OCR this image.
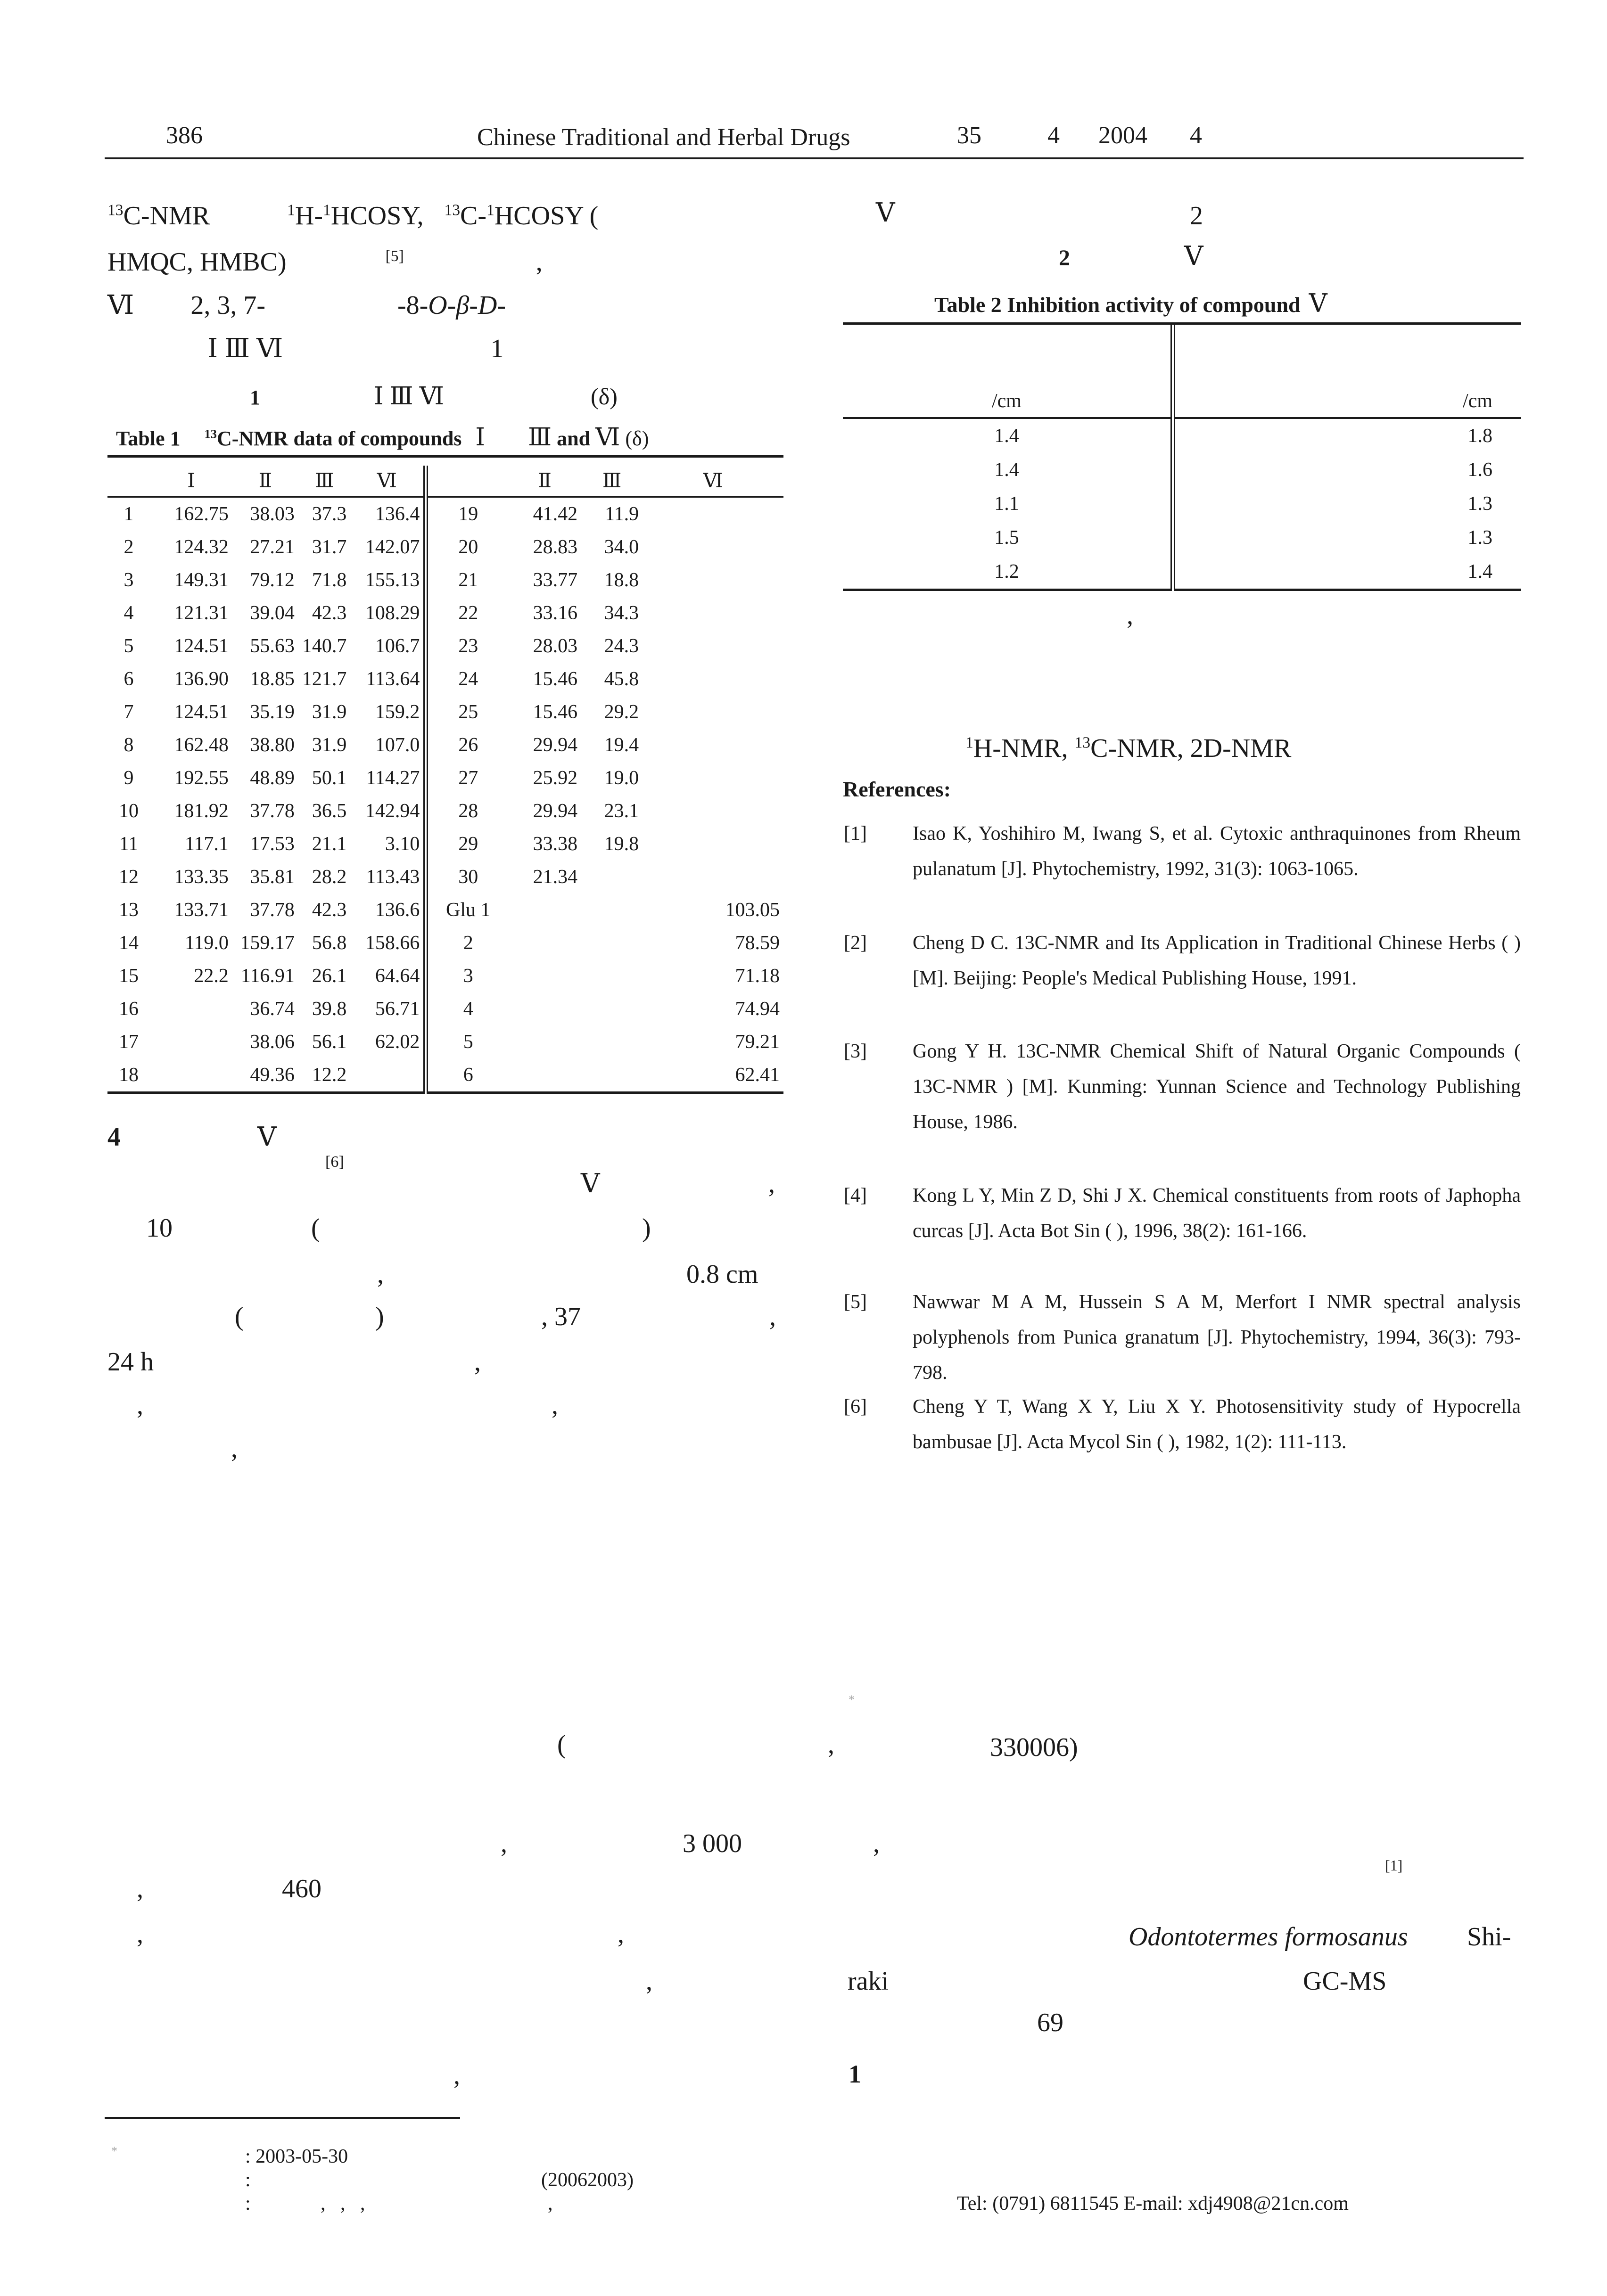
386	Chinese Traditional and Herbal Drugs	35	4 2004 4
$^{13}$C-NMR	$^1$H-$^1$HCOSY, $^{13}$C-$^1$HCOSY (
HMQC, HMBC)	[5]	,
Ⅵ 2, 3, 7-	-8-O-β-D-
Ⅰ Ⅲ Ⅵ	1
1	Ⅰ Ⅲ Ⅵ	(δ)
Table 1 $^{13}$C-NMR data of compounds Ⅰ Ⅲ and Ⅵ (δ)
	Ⅰ	Ⅱ	Ⅲ	Ⅵ		Ⅱ	Ⅲ	Ⅵ
1	162.75	38.03	37.3	136.4	19	41.42	11.9	
2	124.32	27.21	31.7	142.07	20	28.83	34.0	
3	149.31	79.12	71.8	155.13	21	33.77	18.8	
4	121.31	39.04	42.3	108.29	22	33.16	34.3	
5	124.51	55.63	140.7	106.7	23	28.03	24.3	
6	136.90	18.85	121.7	113.64	24	15.46	45.8	
7	124.51	35.19	31.9	159.2	25	15.46	29.2	
8	162.48	38.80	31.9	107.0	26	29.94	19.4	
9	192.55	48.89	50.1	114.27	27	25.92	19.0	
10	181.92	37.78	36.5	142.94	28	29.94	23.1	
11	117.1	17.53	21.1	3.10	29	33.38	19.8	
12	133.35	35.81	28.2	113.43	30	21.34		
13	133.71	37.78	42.3	136.6	Glu 1			103.05
14	119.0	159.17	56.8	158.66	2			78.59
15	22.2	116.91	26.1	64.64	3			71.18
16		36.74	39.8	56.71	4			74.94
17		38.06	56.1	62.02	5			79.21
18		49.36	12.2		6			62.41
4	Ⅴ
[6]
Ⅴ	,
10	(	)
,	0.8 cm
(	)	, 37	,
24 h	,
,	,
,
Ⅴ	2
2	Ⅴ
Table 2 Inhibition activity of compound Ⅴ
/cm	/cm
1.4	1.8
1.4	1.6
1.1	1.3
1.5	1.3
1.2	1.4
,
$^1$H-NMR, $^{13}$C-NMR, 2D-NMR
References:
[1] Isao K, Yoshihiro M, Iwang S, et al. Cytoxic anthraquinones from Rheum pulanatum [J]. Phytochemistry, 1992, 31(3): 1063-1065.
[2] Cheng D C. 13C-NMR and Its Application in Traditional Chinese Herbs ( ) [M]. Beijing: People's Medical Publishing House, 1991.
[3] Gong Y H. 13C-NMR Chemical Shift of Natural Organic Compounds ( 13C-NMR ) [M]. Kunming: Yunnan Science and Technology Publishing House, 1986.
[4] Kong L Y, Min Z D, Shi J X. Chemical constituents from roots of Japhopha curcas [J]. Acta Bot Sin ( ), 1996, 38(2): 161-166.
[5] Nawwar M A M, Hussein S A M, Merfort I NMR spectral analysis polyphenols from Punica granatum [J]. Phytochemistry, 1994, 36(3): 793-798.
[6] Cheng Y T, Wang X Y, Liu X Y. Photosensitivity study of Hypocrella bambusae [J]. Acta Mycol Sin ( ), 1982, 1(2): 111-113.
*
(	,	330006)
,	3 000	,
[1]
,	460
,	,	Odontotermes formosanus Shi-
,	raki	GC-MS
69
,	1
*	: 2003-05-30
:	(20062003)
:	,   ,   ,	,	Tel: (0791) 6811545 E-mail: xdj4908@21cn.com
